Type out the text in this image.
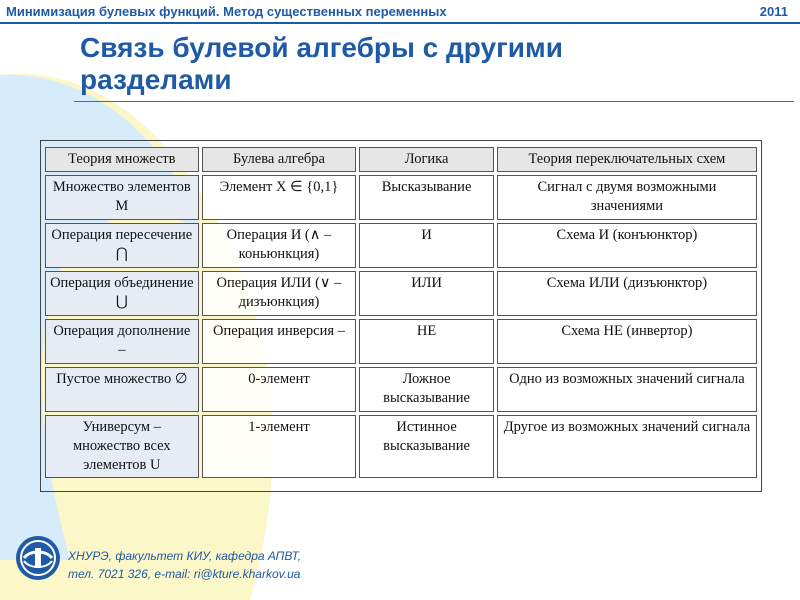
Минимизация булевых функций. Метод существенных переменных	2011
Связь булевой алгебры с другими
разделами
Теория множеств	Булева алгебра	Логика	Теория переключательных схем
Множество элементов М	Элемент Х ∈ {0,1}	Высказывание	Сигнал с двумя возможными значениями
Операция пересечение ⋂	Операция И (∧ – коньюнкция)	И	Схема И (конъюнктор)
Операция объединение ⋃	Операция ИЛИ (∨ – дизъюнкция)	ИЛИ	Схема ИЛИ (дизъюнктор)
Операция дополнение –	Операция инверсия –	НЕ	Схема НЕ (инвертор)
Пустое множество ∅	0-элемент	Ложное высказывание	Одно из возможных значений сигнала
Универсум – множество всех элементов U	1-элемент	Истинное высказывание	Другое из возможных значений сигнала
ХНУРЭ, факультет КИУ, кафедра АПВТ,
тел. 7021 326, e-mail: ri@kture.kharkov.ua
